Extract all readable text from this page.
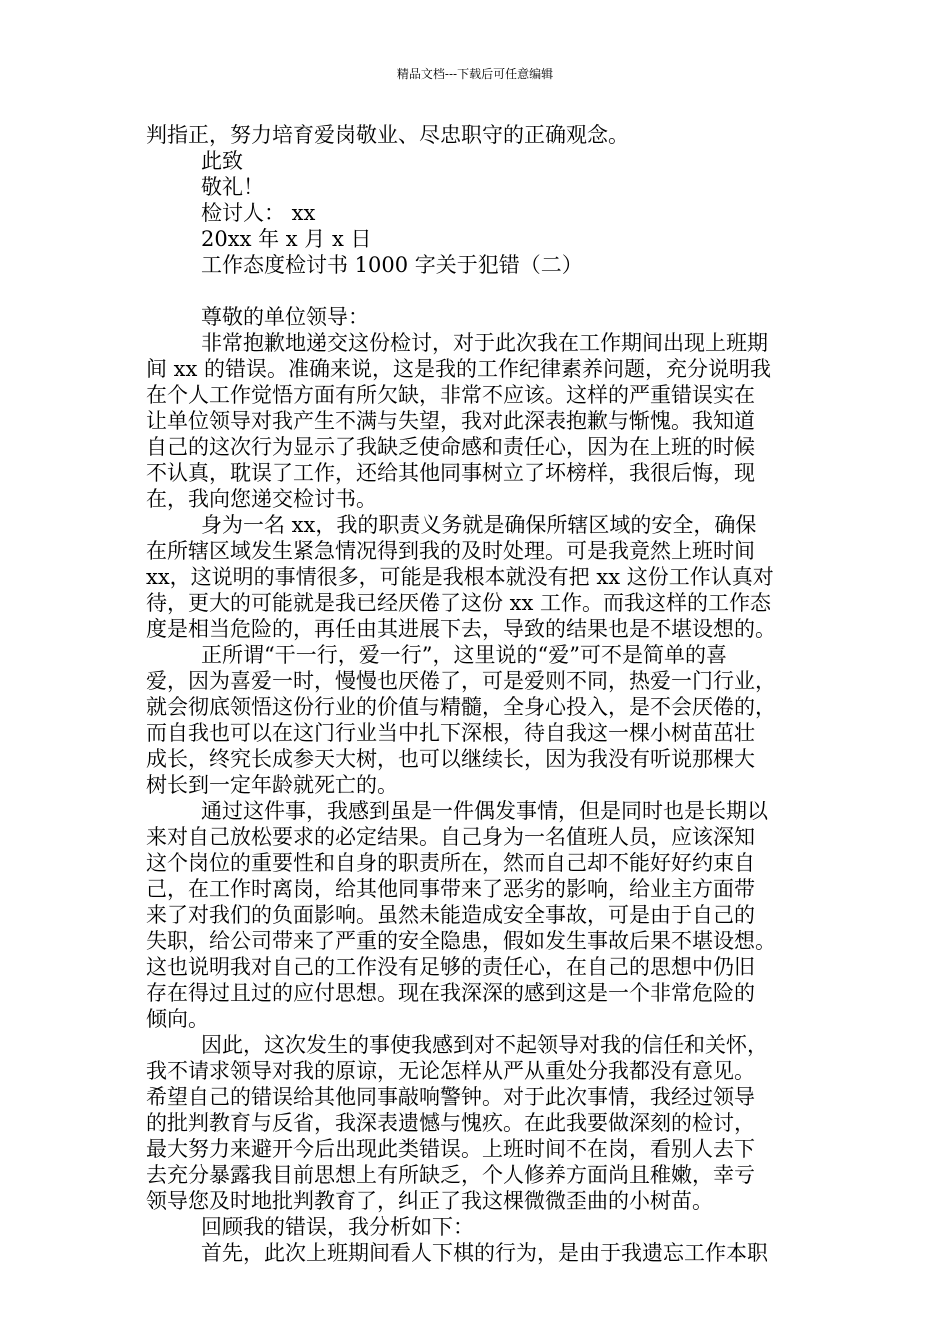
精品文档---下载后可任意编辑
判指正，努力培育爱岗敬业、尽忠职守的正确观念。
此致
敬礼！
检讨人： xx
20xx 年 x 月 x 日
工作态度检讨书 1000 字关于犯错（二）
尊敬的单位领导：
非常抱歉地递交这份检讨，对于此次我在工作期间出现上班期
间 xx 的错误。准确来说，这是我的工作纪律素养问题，充分说明我
在个人工作觉悟方面有所欠缺，非常不应该。这样的严重错误实在
让单位领导对我产生不满与失望，我对此深表抱歉与惭愧。我知道
自己的这次行为显示了我缺乏使命感和责任心，因为在上班的时候
不认真，耽误了工作，还给其他同事树立了坏榜样，我很后悔，现
在，我向您递交检讨书。
身为一名 xx，我的职责义务就是确保所辖区域的安全，确保
在所辖区域发生紧急情况得到我的及时处理。可是我竟然上班时间
xx，这说明的事情很多，可能是我根本就没有把 xx 这份工作认真对
待，更大的可能就是我已经厌倦了这份 xx 工作。而我这样的工作态
度是相当危险的，再任由其进展下去，导致的结果也是不堪设想的。
正所谓“干一行，爱一行”，这里说的“爱”可不是简单的喜
爱，因为喜爱一时，慢慢也厌倦了，可是爱则不同，热爱一门行业，
就会彻底领悟这份行业的价值与精髓，全身心投入，是不会厌倦的，
而自我也可以在这门行业当中扎下深根，待自我这一棵小树苗茁壮
成长，终究长成参天大树，也可以继续长，因为我没有听说那棵大
树长到一定年龄就死亡的。
通过这件事，我感到虽是一件偶发事情，但是同时也是长期以
来对自己放松要求的必定结果。自己身为一名值班人员，应该深知
这个岗位的重要性和自身的职责所在，然而自己却不能好好约束自
己，在工作时离岗，给其他同事带来了恶劣的影响，给业主方面带
来了对我们的负面影响。虽然未能造成安全事故，可是由于自己的
失职，给公司带来了严重的安全隐患，假如发生事故后果不堪设想。
这也说明我对自己的工作没有足够的责任心，在自己的思想中仍旧
存在得过且过的应付思想。现在我深深的感到这是一个非常危险的
倾向。
因此，这次发生的事使我感到对不起领导对我的信任和关怀，
我不请求领导对我的原谅，无论怎样从严从重处分我都没有意见。
希望自己的错误给其他同事敲响警钟。对于此次事情，我经过领导
的批判教育与反省，我深表遗憾与愧疚。在此我要做深刻的检讨，
最大努力来避开今后出现此类错误。上班时间不在岗，看别人去下
去充分暴露我目前思想上有所缺乏，个人修养方面尚且稚嫩，幸亏
领导您及时地批判教育了，纠正了我这棵微微歪曲的小树苗。
回顾我的错误，我分析如下：
首先，此次上班期间看人下棋的行为，是由于我遗忘工作本职
